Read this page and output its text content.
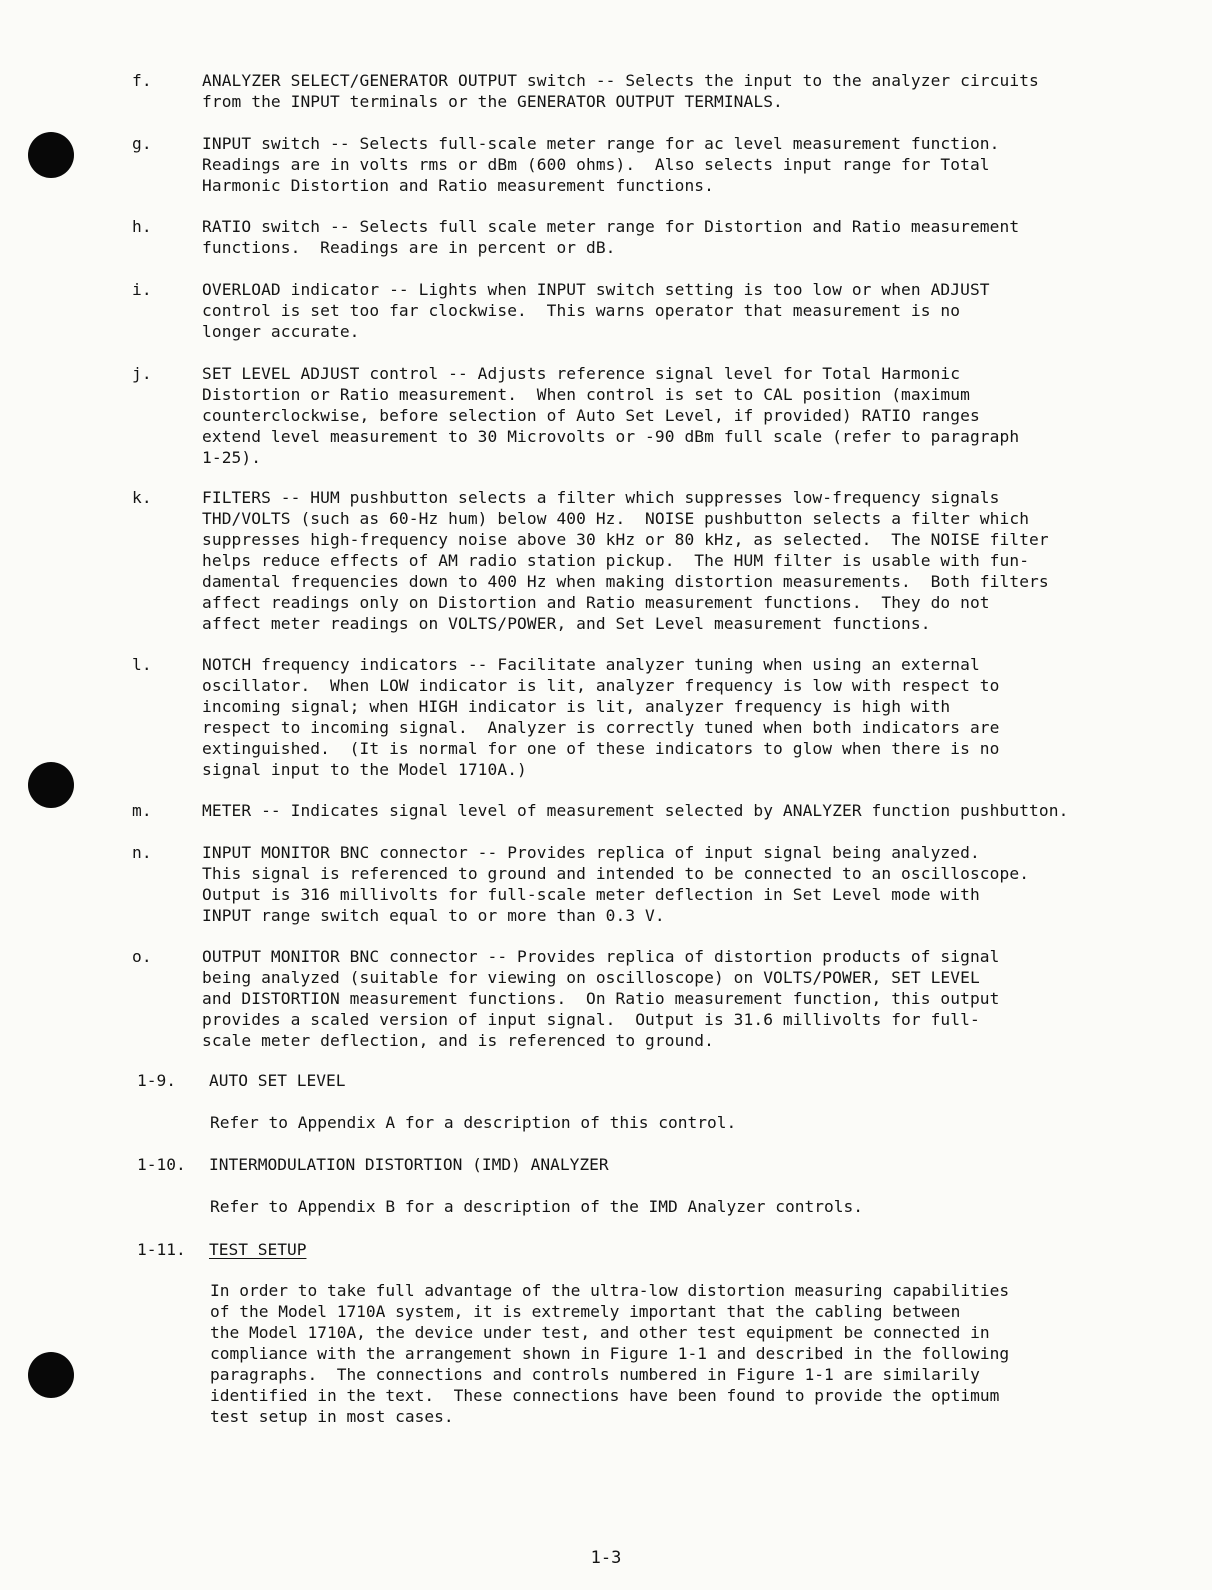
f.	ANALYZER SELECT/GENERATOR OUTPUT switch -- Selects the input to the analyzer circuits
from the INPUT terminals or the GENERATOR OUTPUT TERMINALS.
g.	INPUT switch -- Selects full-scale meter range for ac level measurement function.
Readings are in volts rms or dBm (600 ohms).  Also selects input range for Total
Harmonic Distortion and Ratio measurement functions.
h.	RATIO switch -- Selects full scale meter range for Distortion and Ratio measurement
functions.  Readings are in percent or dB.
i.	OVERLOAD indicator -- Lights when INPUT switch setting is too low or when ADJUST
control is set too far clockwise.  This warns operator that measurement is no
longer accurate.
j.	SET LEVEL ADJUST control -- Adjusts reference signal level for Total Harmonic
Distortion or Ratio measurement.  When control is set to CAL position (maximum
counterclockwise, before selection of Auto Set Level, if provided) RATIO ranges
extend level measurement to 30 Microvolts or -90 dBm full scale (refer to paragraph
1-25).
k.	FILTERS -- HUM pushbutton selects a filter which suppresses low-frequency signals
THD/VOLTS (such as 60-Hz hum) below 400 Hz.  NOISE pushbutton selects a filter which
suppresses high-frequency noise above 30 kHz or 80 kHz, as selected.  The NOISE filter
helps reduce effects of AM radio station pickup.  The HUM filter is usable with fun-
damental frequencies down to 400 Hz when making distortion measurements.  Both filters
affect readings only on Distortion and Ratio measurement functions.  They do not
affect meter readings on VOLTS/POWER, and Set Level measurement functions.
l.	NOTCH frequency indicators -- Facilitate analyzer tuning when using an external
oscillator.  When LOW indicator is lit, analyzer frequency is low with respect to
incoming signal; when HIGH indicator is lit, analyzer frequency is high with
respect to incoming signal.  Analyzer is correctly tuned when both indicators are
extinguished.  (It is normal for one of these indicators to glow when there is no
signal input to the Model 1710A.)
m.	METER -- Indicates signal level of measurement selected by ANALYZER function pushbutton.
n.	INPUT MONITOR BNC connector -- Provides replica of input signal being analyzed.
This signal is referenced to ground and intended to be connected to an oscilloscope.
Output is 316 millivolts for full-scale meter deflection in Set Level mode with
INPUT range switch equal to or more than 0.3 V.
o.	OUTPUT MONITOR BNC connector -- Provides replica of distortion products of signal
being analyzed (suitable for viewing on oscilloscope) on VOLTS/POWER, SET LEVEL
and DISTORTION measurement functions.  On Ratio measurement function, this output
provides a scaled version of input signal.  Output is 31.6 millivolts for full-
scale meter deflection, and is referenced to ground.
1-9. AUTO SET LEVEL
Refer to Appendix A for a description of this control.
1-10. INTERMODULATION DISTORTION (IMD) ANALYZER
Refer to Appendix B for a description of the IMD Analyzer controls.
1-11. TEST SETUP
In order to take full advantage of the ultra-low distortion measuring capabilities
of the Model 1710A system, it is extremely important that the cabling between
the Model 1710A, the device under test, and other test equipment be connected in
compliance with the arrangement shown in Figure 1-1 and described in the following
paragraphs.  The connections and controls numbered in Figure 1-1 are similarily
identified in the text.  These connections have been found to provide the optimum
test setup in most cases.
1-3
